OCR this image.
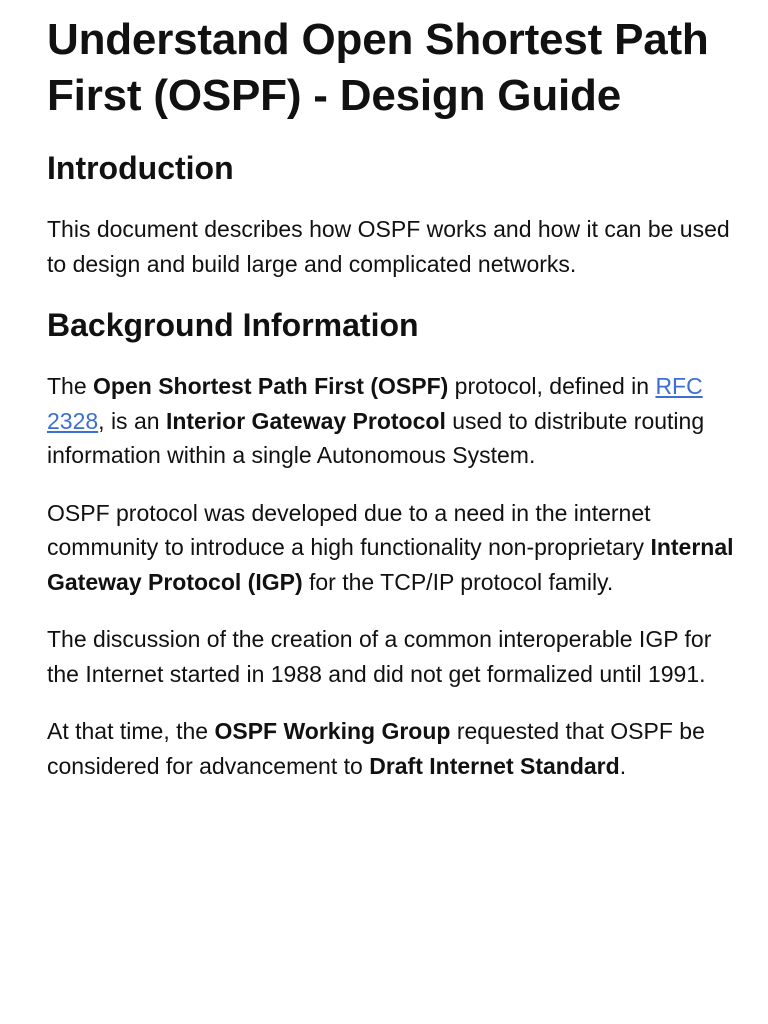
Understand Open Shortest Path First (OSPF) - Design Guide
Introduction

This document describes how OSPF works and how it can be used to design and build large and complicated networks.

Background Information

The Open Shortest Path First (OSPF) protocol, defined in RFC 2328, is an Interior Gateway Protocol used to distribute routing information within a single Autonomous System.

OSPF protocol was developed due to a need in the internet community to introduce a high functionality non-proprietary Internal Gateway Protocol (IGP) for the TCP/IP protocol family.

The discussion of the creation of a common interoperable IGP for the Internet started in 1988 and did not get formalized until 1991.

At that time, the OSPF Working Group requested that OSPF be considered for advancement to Draft Internet Standard.
